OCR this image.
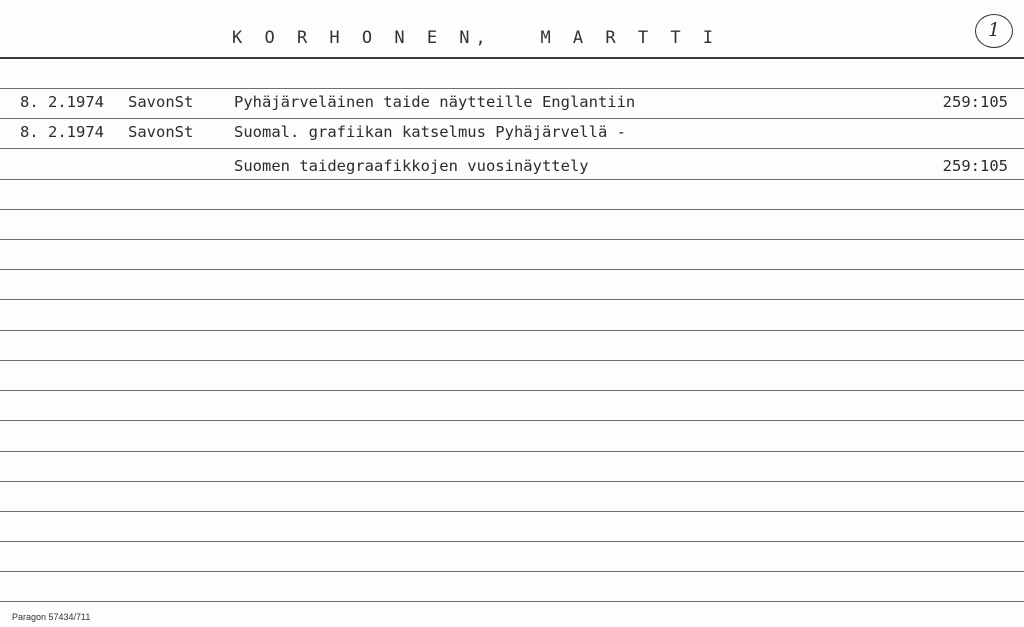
K O R H O N E N,   M A R T T I	1
8. 2.1974 SavonSt	Pyhäjärveläinen taide näytteille Englantiin	259:105
8. 2.1974 SavonSt	Suomal. grafiikan katselmus Pyhäjärvellä -
Suomen taidegraafikkojen vuosinäyttely	259:105
Paragon 57434/711
